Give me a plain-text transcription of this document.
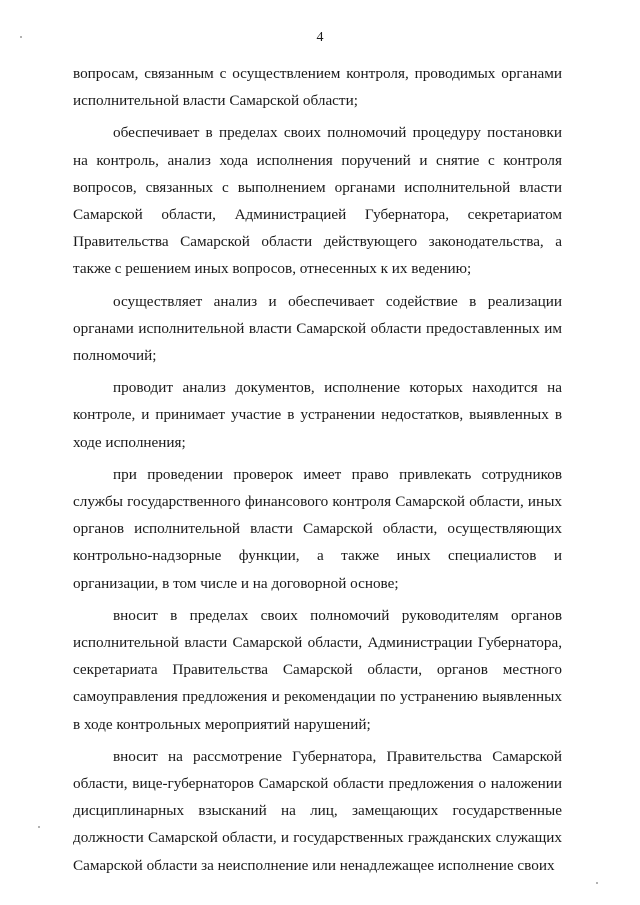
4

вопросам, связанным с осуществлением контроля, проводимых органами исполнительной власти Самарской области;

обеспечивает в пределах своих полномочий процедуру постановки на контроль, анализ хода исполнения поручений и снятие с контроля вопросов, связанных с выполнением органами исполнительной власти Самарской области, Администрацией Губернатора, секретариатом Правительства Самарской области действующего законодательства, а также с решением иных вопросов, отнесенных к их ведению;

осуществляет анализ и обеспечивает содействие в реализации органами исполнительной власти Самарской области предоставленных им полномочий;

проводит анализ документов, исполнение которых находится на контроле, и принимает участие в устранении недостатков, выявленных в ходе исполнения;

при проведении проверок имеет право привлекать сотрудников службы государственного финансового контроля Самарской области, иных органов исполнительной власти Самарской области, осуществляющих контрольно-надзорные функции, а также иных специалистов и организации, в том числе и на договорной основе;

вносит в пределах своих полномочий руководителям органов исполнительной власти Самарской области, Администрации Губернатора, секретариата Правительства Самарской области, органов местного самоуправления предложения и рекомендации по устранению выявленных в ходе контрольных мероприятий нарушений;

вносит на рассмотрение Губернатора, Правительства Самарской области, вице-губернаторов Самарской области предложения о наложении дисциплинарных взысканий на лиц, замещающих государственные должности Самарской области, и государственных гражданских служащих Самарской области за неисполнение или ненадлежащее исполнение своих
